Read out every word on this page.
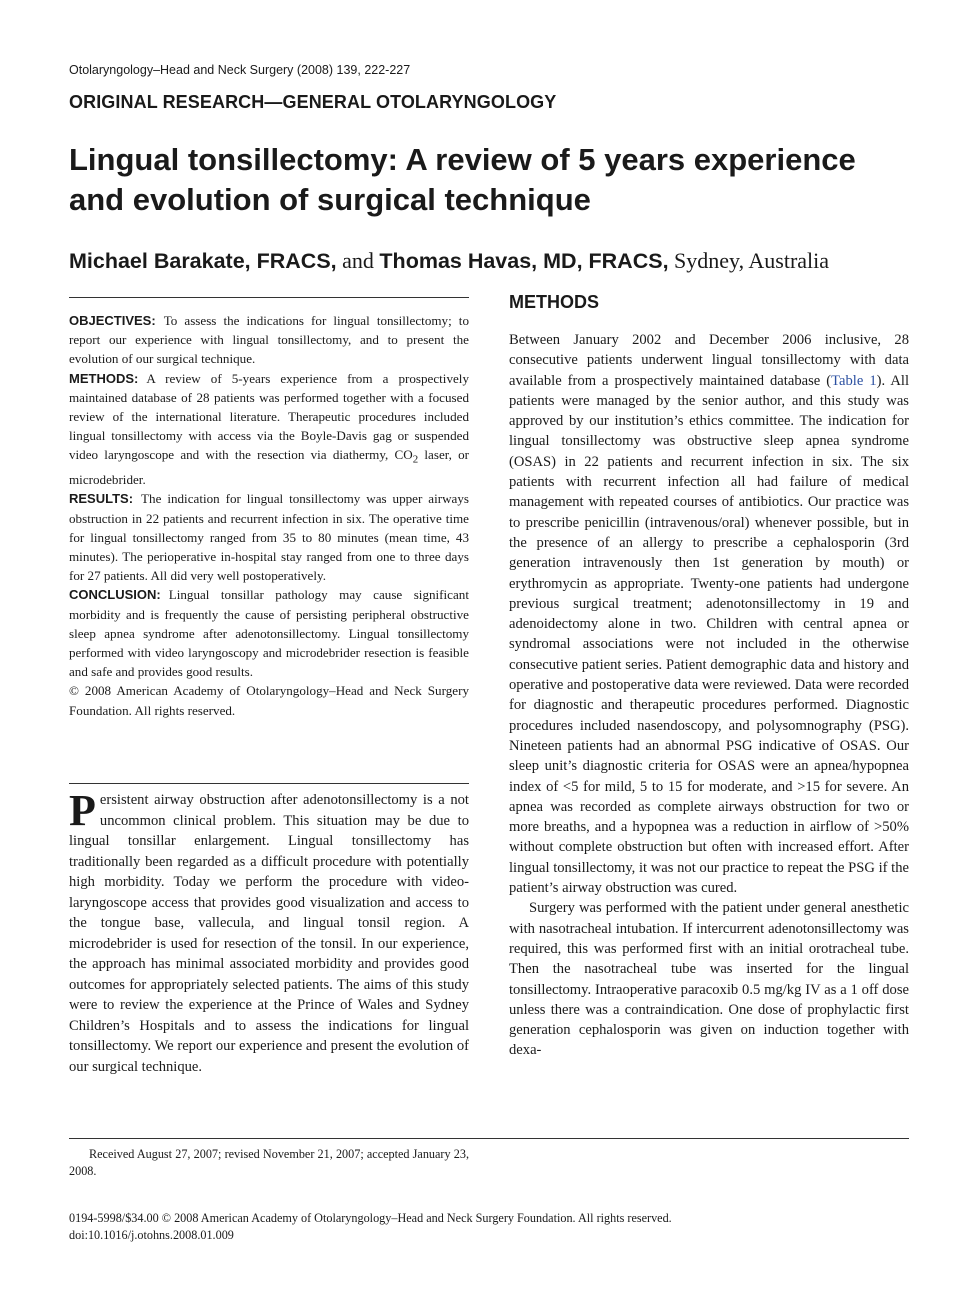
Otolaryngology–Head and Neck Surgery (2008) 139, 222-227
ORIGINAL RESEARCH—GENERAL OTOLARYNGOLOGY
Lingual tonsillectomy: A review of 5 years experience and evolution of surgical technique
Michael Barakate, FRACS, and Thomas Havas, MD, FRACS, Sydney, Australia

OBJECTIVES: To assess the indications for lingual tonsillectomy; to report our experience with lingual tonsillectomy, and to present the evolution of our surgical technique.

METHODS: A review of 5-years experience from a prospectively maintained database of 28 patients was performed together with a focused review of the international literature. Therapeutic procedures included lingual tonsillectomy with access via the Boyle-Davis gag or suspended video laryngoscope and with the resection via diathermy, $CO_2$ laser, or microdebrider.

RESULTS: The indication for lingual tonsillectomy was upper airways obstruction in 22 patients and recurrent infection in six. The operative time for lingual tonsillectomy ranged from 35 to 80 minutes (mean time, 43 minutes). The perioperative in-hospital stay ranged from one to three days for 27 patients. All did very well postoperatively.

CONCLUSION: Lingual tonsillar pathology may cause significant morbidity and is frequently the cause of persisting peripheral obstructive sleep apnea syndrome after adenotonsillectomy. Lingual tonsillectomy performed with video laryngoscopy and microdebrider resection is feasible and safe and provides good results.

© 2008 American Academy of Otolaryngology–Head and Neck Surgery Foundation. All rights reserved.

Persistent airway obstruction after adenotonsillectomy is a not uncommon clinical problem. This situation may be due to lingual tonsillar enlargement. Lingual tonsillectomy has traditionally been regarded as a difficult procedure with potentially high morbidity. Today we perform the procedure with video-laryngoscope access that provides good visualization and access to the tongue base, vallecula, and lingual tonsil region. A microdebrider is used for resection of the tonsil. In our experience, the approach has minimal associated morbidity and provides good outcomes for appropriately selected patients. The aims of this study were to review the experience at the Prince of Wales and Sydney Children’s Hospitals and to assess the indications for lingual tonsillectomy. We report our experience and present the evolution of our surgical technique.

METHODS

Between January 2002 and December 2006 inclusive, 28 consecutive patients underwent lingual tonsillectomy with data available from a prospectively maintained database (Table 1). All patients were managed by the senior author, and this study was approved by our institution’s ethics committee. The indication for lingual tonsillectomy was obstructive sleep apnea syndrome (OSAS) in 22 patients and recurrent infection in six. The six patients with recurrent infection all had failure of medical management with repeated courses of antibiotics. Our practice was to prescribe penicillin (intravenous/oral) whenever possible, but in the presence of an allergy to prescribe a cephalosporin (3rd generation intravenously then 1st generation by mouth) or erythromycin as appropriate. Twenty-one patients had undergone previous surgical treatment; adenotonsillectomy in 19 and adenoidectomy alone in two. Children with central apnea or syndromal associations were not included in the otherwise consecutive patient series. Patient demographic data and history and operative and postoperative data were reviewed. Data were recorded for diagnostic and therapeutic procedures performed. Diagnostic procedures included nasendoscopy, and polysomnography (PSG). Nineteen patients had an abnormal PSG indicative of OSAS. Our sleep unit’s diagnostic criteria for OSAS were an apnea/hypopnea index of <5 for mild, 5 to 15 for moderate, and >15 for severe. An apnea was recorded as complete airways obstruction for two or more breaths, and a hypopnea was a reduction in airflow of >50% without complete obstruction but often with increased effort. After lingual tonsillectomy, it was not our practice to repeat the PSG if the patient’s airway obstruction was cured.

Surgery was performed with the patient under general anesthetic with nasotracheal intubation. If intercurrent adenotonsillectomy was required, this was performed first with an initial orotracheal tube. Then the nasotracheal tube was inserted for the lingual tonsillectomy. Intraoperative paracoxib 0.5 mg/kg IV as a 1 off dose unless there was a contraindication. One dose of prophylactic first generation cephalosporin was given on induction together with dexa-

Received August 27, 2007; revised November 21, 2007; accepted January 23, 2008.
0194-5998/$34.00 © 2008 American Academy of Otolaryngology–Head and Neck Surgery Foundation. All rights reserved.
doi:10.1016/j.otohns.2008.01.009
